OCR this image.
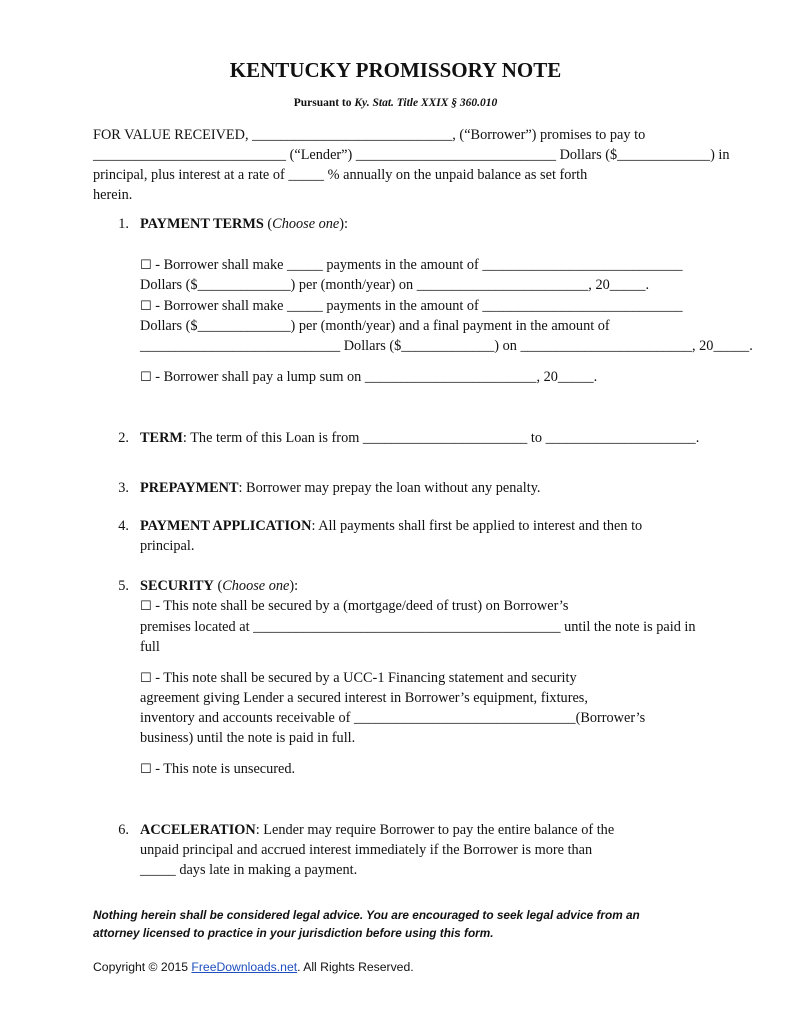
KENTUCKY PROMISSORY NOTE
Pursuant to Ky. Stat. Title XXIX § 360.010
FOR VALUE RECEIVED, ____________________________, (“Borrower”) promises to pay to
___________________________ (“Lender”) ____________________________ Dollars ($_____________) in
principal, plus interest at a rate of _____ % annually on the unpaid balance as set forth
herein.
1. PAYMENT TERMS (Choose one):
☐ - Borrower shall make _____ payments in the amount of ____________________________
Dollars ($_____________) per (month/year) on ________________________, 20_____.
☐ - Borrower shall make _____ payments in the amount of ____________________________
Dollars ($_____________) per (month/year) and a final payment in the amount of
____________________________ Dollars ($_____________) on ________________________, 20_____.
☐ - Borrower shall pay a lump sum on ________________________, 20_____.
2. TERM: The term of this Loan is from _______________________ to _____________________.
3. PREPAYMENT: Borrower may prepay the loan without any penalty.
4. PAYMENT APPLICATION: All payments shall first be applied to interest and then to
principal.
5. SECURITY (Choose one):
☐ - This note shall be secured by a (mortgage/deed of trust) on Borrower’s
premises located at ___________________________________________ until the note is paid in
full
☐ - This note shall be secured by a UCC-1 Financing statement and security
agreement giving Lender a secured interest in Borrower’s equipment, fixtures,
inventory and accounts receivable of _______________________________(Borrower’s
business) until the note is paid in full.
☐ - This note is unsecured.
6. ACCELERATION: Lender may require Borrower to pay the entire balance of the
unpaid principal and accrued interest immediately if the Borrower is more than
_____ days late in making a payment.
Nothing herein shall be considered legal advice. You are encouraged to seek legal advice from an
attorney licensed to practice in your jurisdiction before using this form.
Copyright © 2015 FreeDownloads.net. All Rights Reserved.
